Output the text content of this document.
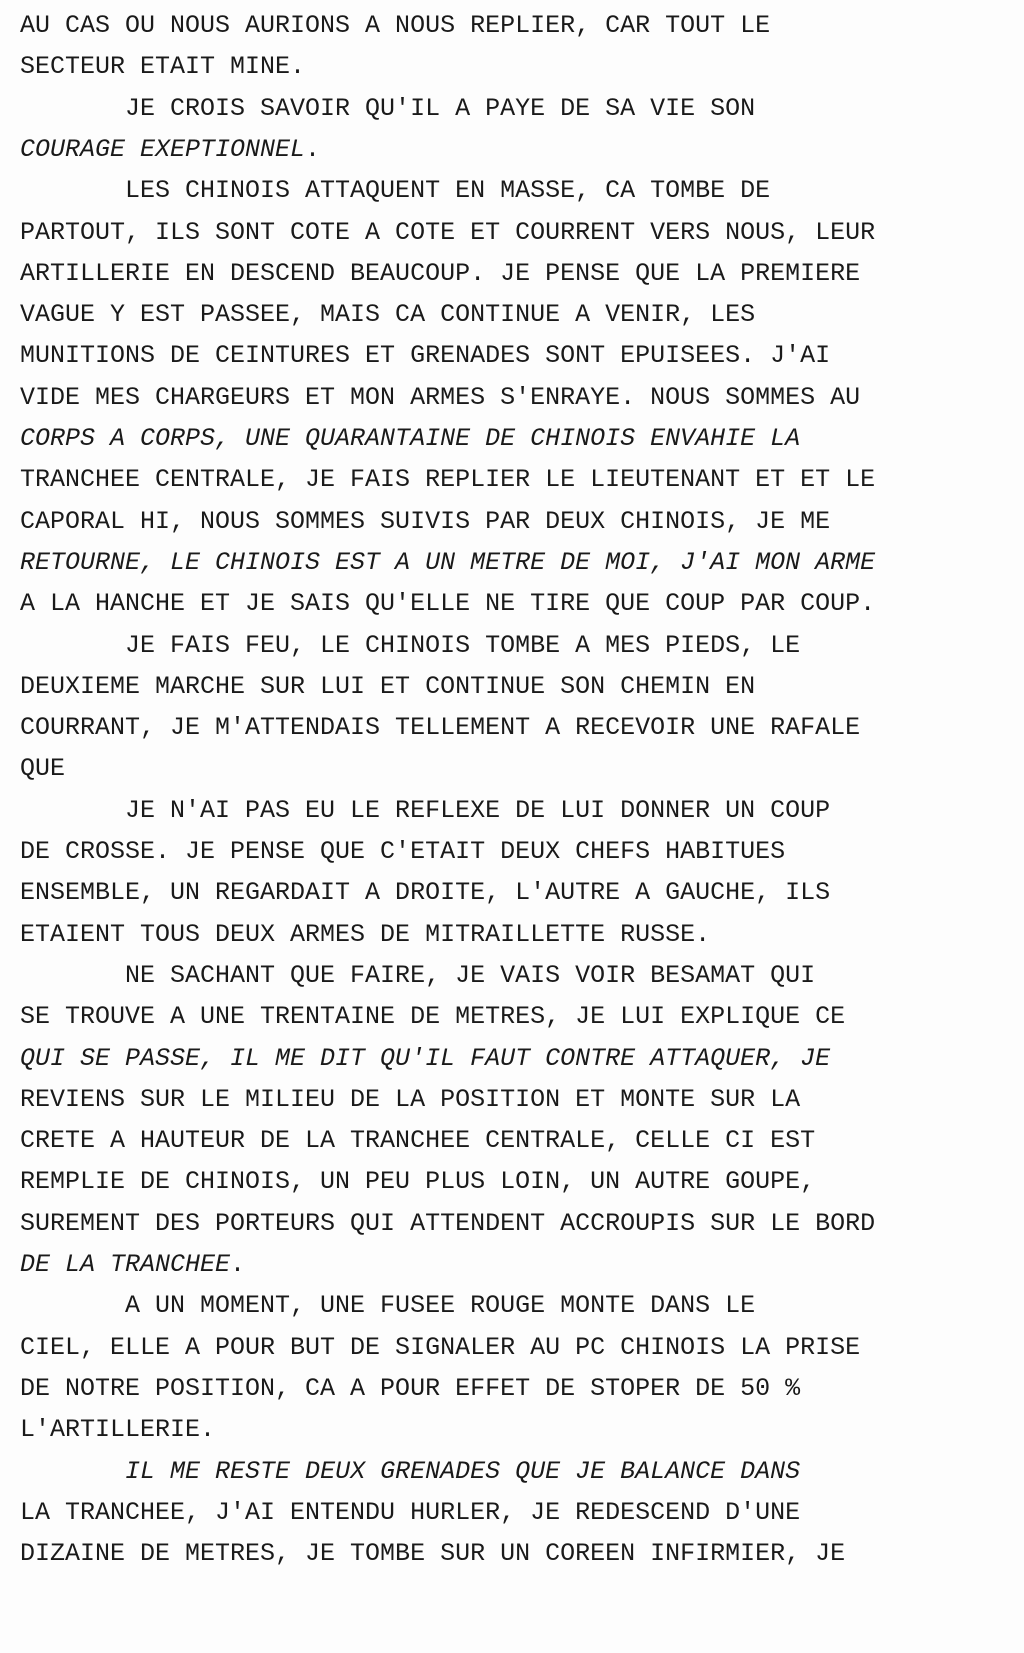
AU CAS OU NOUS AURIONS A NOUS REPLIER, CAR TOUT LE
SECTEUR ETAIT MINE.
JE CROIS SAVOIR QU'IL A PAYE DE SA VIE SON
COURAGE EXEPTIONNEL.
LES CHINOIS ATTAQUENT EN MASSE, CA TOMBE DE
PARTOUT, ILS SONT COTE A COTE ET COURRENT VERS NOUS, LEUR
ARTILLERIE EN DESCEND BEAUCOUP. JE PENSE QUE LA PREMIERE
VAGUE Y EST PASSEE, MAIS CA CONTINUE A VENIR, LES
MUNITIONS DE CEINTURES ET GRENADES SONT EPUISEES. J'AI
VIDE MES CHARGEURS ET MON ARMES S'ENRAYE. NOUS SOMMES AU
CORPS A CORPS, UNE QUARANTAINE DE CHINOIS ENVAHIE LA
TRANCHEE CENTRALE, JE FAIS REPLIER LE LIEUTENANT ET ET LE
CAPORAL HI, NOUS SOMMES SUIVIS PAR DEUX CHINOIS, JE ME
RETOURNE, LE CHINOIS EST A UN METRE DE MOI, J'AI MON ARME
A LA HANCHE ET JE SAIS QU'ELLE NE TIRE QUE COUP PAR COUP.
JE FAIS FEU, LE CHINOIS TOMBE A MES PIEDS, LE
DEUXIEME MARCHE SUR LUI ET CONTINUE SON CHEMIN EN
COURRANT, JE M'ATTENDAIS TELLEMENT A RECEVOIR UNE RAFALE
QUE
JE N'AI PAS EU LE REFLEXE DE LUI DONNER UN COUP
DE CROSSE. JE PENSE QUE C'ETAIT DEUX CHEFS HABITUES
ENSEMBLE, UN REGARDAIT A DROITE, L'AUTRE A GAUCHE, ILS
ETAIENT TOUS DEUX ARMES DE MITRAILLETTE RUSSE.
NE SACHANT QUE FAIRE, JE VAIS VOIR BESAMAT QUI
SE TROUVE A UNE TRENTAINE DE METRES, JE LUI EXPLIQUE CE
QUI SE PASSE, IL ME DIT QU'IL FAUT CONTRE ATTAQUER, JE
REVIENS SUR LE MILIEU DE LA POSITION ET MONTE SUR LA
CRETE A HAUTEUR DE LA TRANCHEE CENTRALE, CELLE CI EST
REMPLIE DE CHINOIS, UN PEU PLUS LOIN, UN AUTRE GOUPE,
SUREMENT DES PORTEURS QUI ATTENDENT ACCROUPIS SUR LE BORD
DE LA TRANCHEE.
A UN MOMENT, UNE FUSEE ROUGE MONTE DANS LE
CIEL, ELLE A POUR BUT DE SIGNALER AU PC CHINOIS LA PRISE
DE NOTRE POSITION, CA A POUR EFFET DE STOPER DE 50 %
L'ARTILLERIE.
IL ME RESTE DEUX GRENADES QUE JE BALANCE DANS
LA TRANCHEE, J'AI ENTENDU HURLER, JE REDESCEND D'UNE
DIZAINE DE METRES, JE TOMBE SUR UN COREEN INFIRMIER, JE
